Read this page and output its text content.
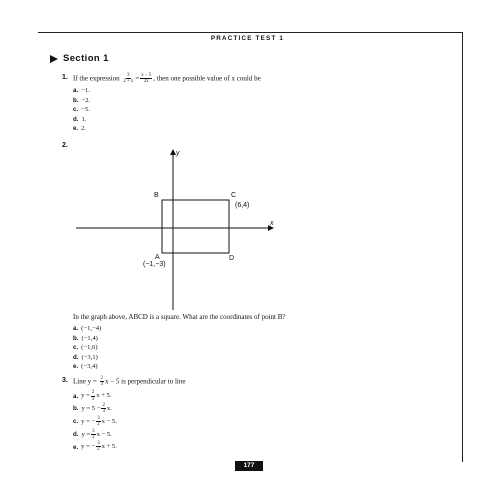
PRACTICE TEST 1
Section 1
1. If the expression $\frac{3}{2 + x} = \frac{x - 5}{2x}$ , then one possible value of x could be
a. −1.
b. −2.
c. −5.
d. 1.
e. 2.
2.
y
x
B	C
(6,4)
A
(−1,−3)
D
In the graph above, ABCD is a square. What are the coordinates of point B?
a. (−1,−4)
b. (−1,4)
c. (−1,6)
d. (−3,1)
e. (−3,4)
3. Line $y = \frac{2}{3}$ x − 5 is perpendicular to line
a. $y = \frac{2}{3}$ x + 5.
b. $y = 5 - \frac{2}{3} x$.
c. y = − $\frac{3}{2}$ x − 5.
d. $y = \frac{3}{2}$ x − 5.
e. y = − $\frac{3}{2}$ x + 5.
177
